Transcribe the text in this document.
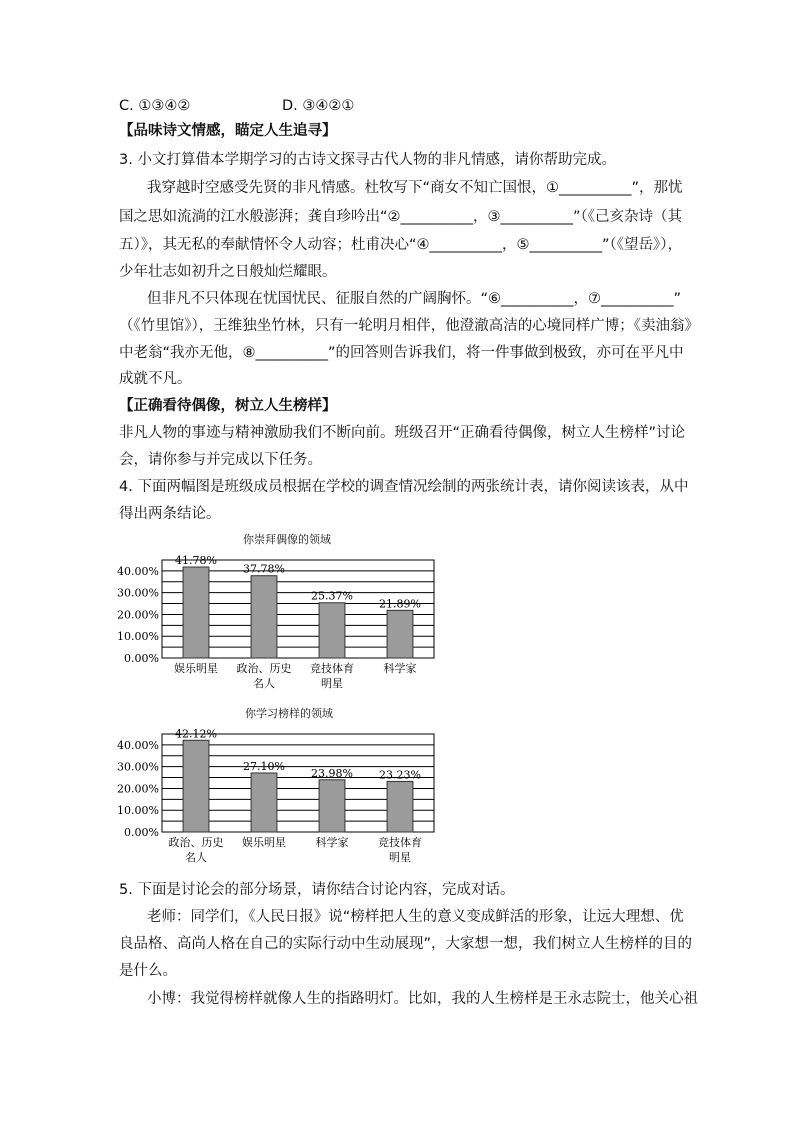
C. ①③④②	D. ③④②①
【品味诗文情感，瞄定人生追寻】
3. 小文打算借本学期学习的古诗文探寻古代人物的非凡情感，请你帮助完成。
我穿越时空感受先贤的非凡情感。杜牧写下“商女不知亡国恨，①__________”，那忧
国之思如流淌的江水般澎湃；龚自珍吟出“②__________，③__________”（《己亥杂诗（其
五）》，其无私的奉献情怀令人动容；杜甫决心“④__________，⑤__________”（《望岳》），
少年壮志如初升之日般灿烂耀眼。
但非凡不只体现在忧国忧民、征服自然的广阔胸怀。“⑥__________，⑦__________”
（《竹里馆》），王维独坐竹林，只有一轮明月相伴，他澄澈高洁的心境同样广博；《卖油翁》
中老翁“我亦无他，⑧__________”的回答则告诉我们，将一件事做到极致，亦可在平凡中
成就不凡。
【正确看待偶像，树立人生榜样】
非凡人物的事迹与精神激励我们不断向前。班级召开“正确看待偶像，树立人生榜样”讨论
会，请你参与并完成以下任务。
4. 下面两幅图是班级成员根据在学校的调查情况绘制的两张统计表，请你阅读该表，从中
得出两条结论。
你崇拜偶像的领域
0.00%
10.00%
20.00%
30.00%
40.00%
41.78%
娱乐明星
37.78%
政治、历史
名人
25.37%
竞技体育
明星
21.89%
科学家
你学习榜样的领域
0.00%
10.00%
20.00%
30.00%
40.00%
42.12%
政治、历史
名人
27.10%
娱乐明星
23.98%
科学家
23.23%
竞技体育
明星
5. 下面是讨论会的部分场景，请你结合讨论内容，完成对话。
老师：同学们，《人民日报》说“榜样把人生的意义变成鲜活的形象，让远大理想、优
良品格、高尚人格在自己的实际行动中生动展现”，大家想一想，我们树立人生榜样的目的
是什么。
小博：我觉得榜样就像人生的指路明灯。比如，我的人生榜样是王永志院士，他关心祖
